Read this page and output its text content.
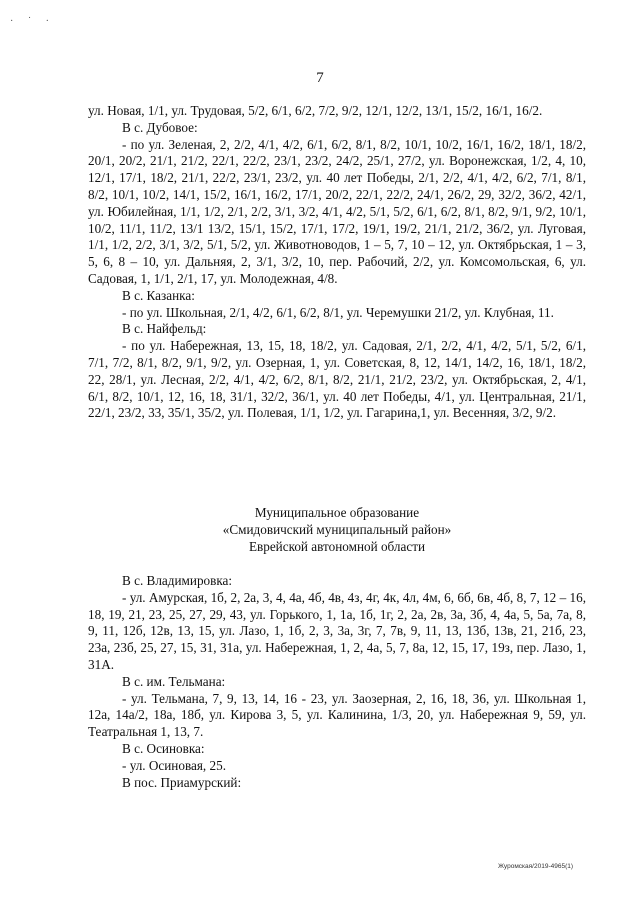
· ˙ ·
7

ул. Новая, 1/1, ул. Трудовая, 5/2, 6/1, 6/2, 7/2, 9/2, 12/1, 12/2, 13/1, 15/2, 16/1, 16/2.

В с. Дубовое:

- по ул. Зеленая, 2, 2/2, 4/1, 4/2, 6/1, 6/2, 8/1, 8/2, 10/1, 10/2, 16/1, 16/2, 18/1, 18/2, 20/1, 20/2, 21/1, 21/2, 22/1, 22/2, 23/1, 23/2, 24/2, 25/1, 27/2, ул. Воронежская, 1/2, 4, 10, 12/1, 17/1, 18/2, 21/1, 22/2, 23/1, 23/2, ул. 40 лет Победы, 2/1, 2/2, 4/1, 4/2, 6/2, 7/1, 8/1, 8/2, 10/1, 10/2, 14/1, 15/2, 16/1, 16/2, 17/1, 20/2, 22/1, 22/2, 24/1, 26/2, 29, 32/2, 36/2, 42/1, ул. Юбилейная, 1/1, 1/2, 2/1, 2/2, 3/1, 3/2, 4/1, 4/2, 5/1, 5/2, 6/1, 6/2, 8/1, 8/2, 9/1, 9/2, 10/1, 10/2, 11/1, 11/2, 13/1 13/2, 15/1, 15/2, 17/1, 17/2, 19/1, 19/2, 21/1, 21/2, 36/2, ул. Луговая, 1/1, 1/2, 2/2, 3/1, 3/2, 5/1, 5/2, ул. Животноводов, 1 – 5, 7, 10 – 12, ул. Октябрьская, 1 – 3, 5, 6, 8 – 10, ул. Дальняя, 2, 3/1, 3/2, 10, пер. Рабочий, 2/2, ул. Комсомольская, 6, ул. Садовая, 1, 1/1, 2/1, 17, ул. Молодежная, 4/8.

В с. Казанка:

- по ул. Школьная, 2/1, 4/2, 6/1, 6/2, 8/1, ул. Черемушки 21/2, ул. Клубная, 11.

В с. Найфельд:

- по ул. Набережная, 13, 15, 18, 18/2, ул. Садовая, 2/1, 2/2, 4/1, 4/2, 5/1, 5/2, 6/1, 7/1, 7/2, 8/1, 8/2, 9/1, 9/2, ул. Озерная, 1, ул. Советская, 8, 12, 14/1, 14/2, 16, 18/1, 18/2, 22, 28/1, ул. Лесная, 2/2, 4/1, 4/2, 6/2, 8/1, 8/2, 21/1, 21/2, 23/2, ул. Октябрьская, 2, 4/1, 6/1, 8/2, 10/1, 12, 16, 18, 31/1, 32/2, 36/1, ул. 40 лет Победы, 4/1, ул. Центральная, 21/1, 22/1, 23/2, 33, 35/1, 35/2, ул. Полевая, 1/1, 1/2, ул. Гагарина,1, ул. Весенняя, 3/2, 9/2.

Муниципальное образование

«Смидовичский муниципальный район»

Еврейской автономной области

В с. Владимировка:

- ул. Амурская, 1б, 2, 2а, 3, 4, 4а, 4б, 4в, 4з, 4г, 4к, 4л, 4м, 6, 6б, 6в, 4б, 8, 7, 12 – 16, 18, 19, 21, 23, 25, 27, 29, 43, ул. Горького, 1, 1а, 1б, 1г, 2, 2а, 2в, 3а, 3б, 4, 4а, 5, 5а, 7а, 8, 9, 11, 12б, 12в, 13, 15, ул. Лазо, 1, 1б, 2, 3, 3а, 3г, 7, 7в, 9, 11, 13, 13б, 13в, 21, 21б, 23, 23а, 23б, 25, 27, 15, 31, 31а, ул. Набережная, 1, 2, 4а, 5, 7, 8а, 12, 15, 17, 19з, пер. Лазо, 1, 31А.

В с. им. Тельмана:

- ул. Тельмана, 7, 9, 13, 14, 16 - 23, ул. Заозерная, 2, 16, 18, 36, ул. Школьная 1, 12а, 14а/2, 18а, 18б, ул. Кирова 3, 5, ул. Калинина, 1/3, 20, ул. Набережная 9, 59, ул. Театральная 1, 13, 7.

В с. Осиновка:

- ул. Осиновая, 25.

В пос. Приамурский:

Журомская/2019-4965(1)
